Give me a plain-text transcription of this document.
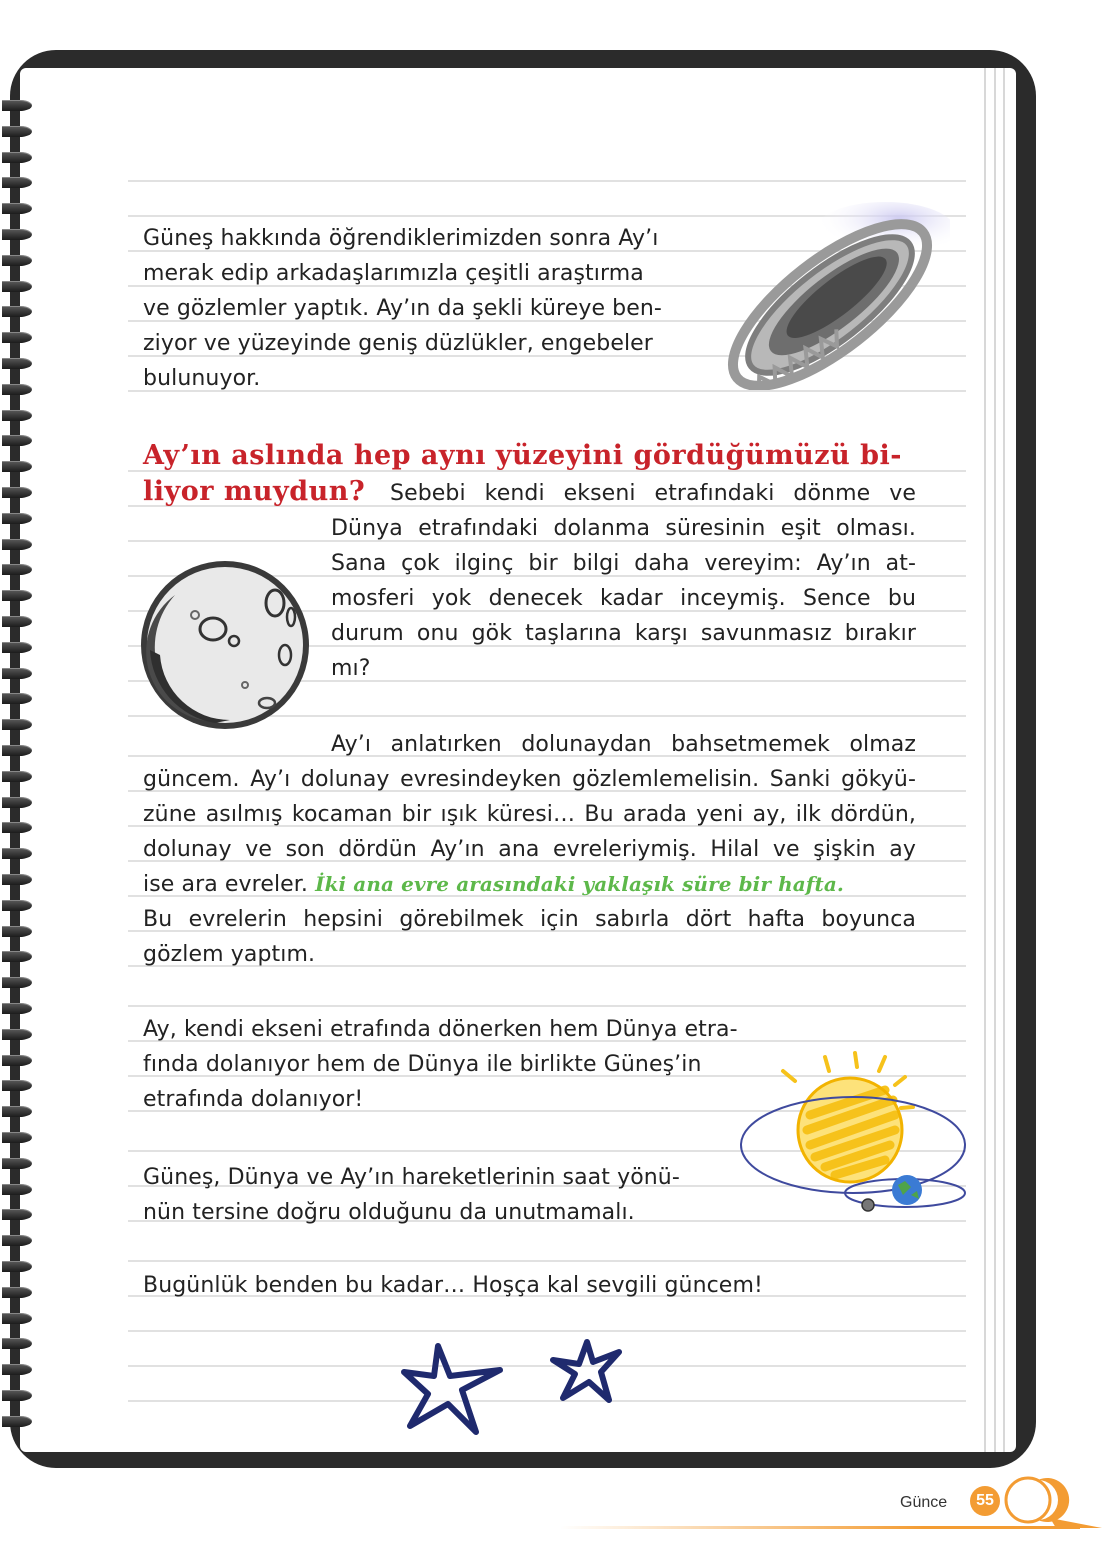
Güneş hakkında öğrendiklerimizden sonra Ay’ı
merak edip arkadaşlarımızla çeşitli araştırma
ve gözlemler yaptık. Ay’ın da şekli küreye ben-
ziyor ve yüzeyinde geniş düzlükler, engebeler
bulunuyor.
Ay’ın aslında hep aynı yüzeyini gördüğümüzü bi-
liyor muydun? Sebebi kendi ekseni etrafındaki dönme ve
Dünya etrafındaki dolanma süresinin eşit olması.
Sana çok ilginç bir bilgi daha vereyim: Ay’ın at-
mosferi yok denecek kadar inceymiş. Sence bu
durum onu gök taşlarına karşı savunmasız bırakır
mı?
Ay’ı anlatırken dolunaydan bahsetmemek olmaz
güncem. Ay’ı dolunay evresindeyken gözlemlemelisin. Sanki gökyü-
züne asılmış kocaman bir ışık küresi… Bu arada yeni ay, ilk dördün,
dolunay ve son dördün Ay’ın ana evreleriymiş. Hilal ve şişkin ay
ise ara evreler. İki ana evre arasındaki yaklaşık süre bir hafta.
Bu evrelerin hepsini görebilmek için sabırla dört hafta boyunca
gözlem yaptım.
Ay, kendi ekseni etrafında dönerken hem Dünya etra-
fında dolanıyor hem de Dünya ile birlikte Güneş’in
etrafında dolanıyor!
Güneş, Dünya ve Ay’ın hareketlerinin saat yönü-
nün tersine doğru olduğunu da unutmamalı.
Bugünlük benden bu kadar… Hoşça kal sevgili güncem!
Günce	55
